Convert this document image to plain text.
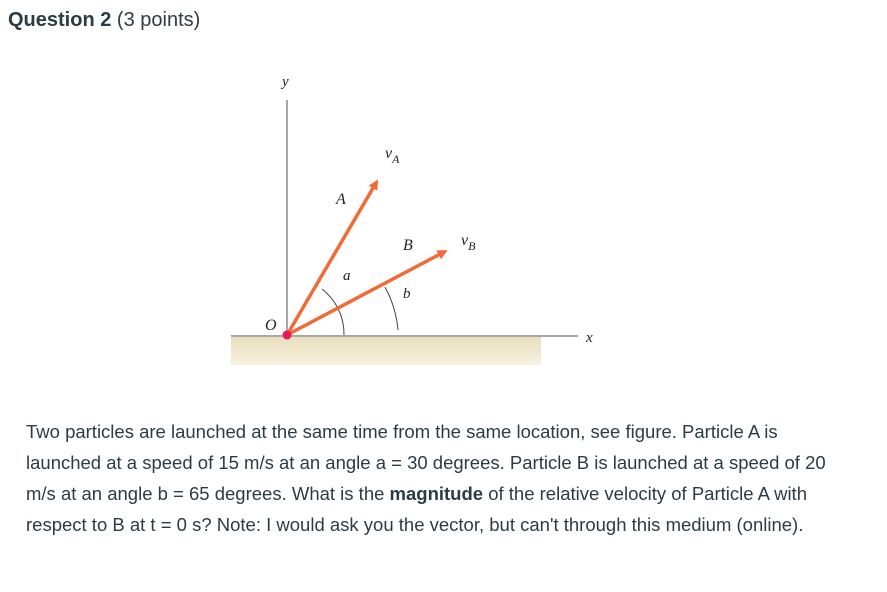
Question 2 (3 points)
y
x
O
A
B
a
b
$v_A$
$v_B$

Two particles are launched at the same time from the same location, see figure. Particle A is launched at a speed of 15 m/s at an angle a = 30 degrees. Particle B is launched at a speed of 20 m/s at an angle b = 65 degrees. What is the magnitude of the relative velocity of Particle A with respect to B at t = 0 s? Note: I would ask you the vector, but can't through this medium (online).
